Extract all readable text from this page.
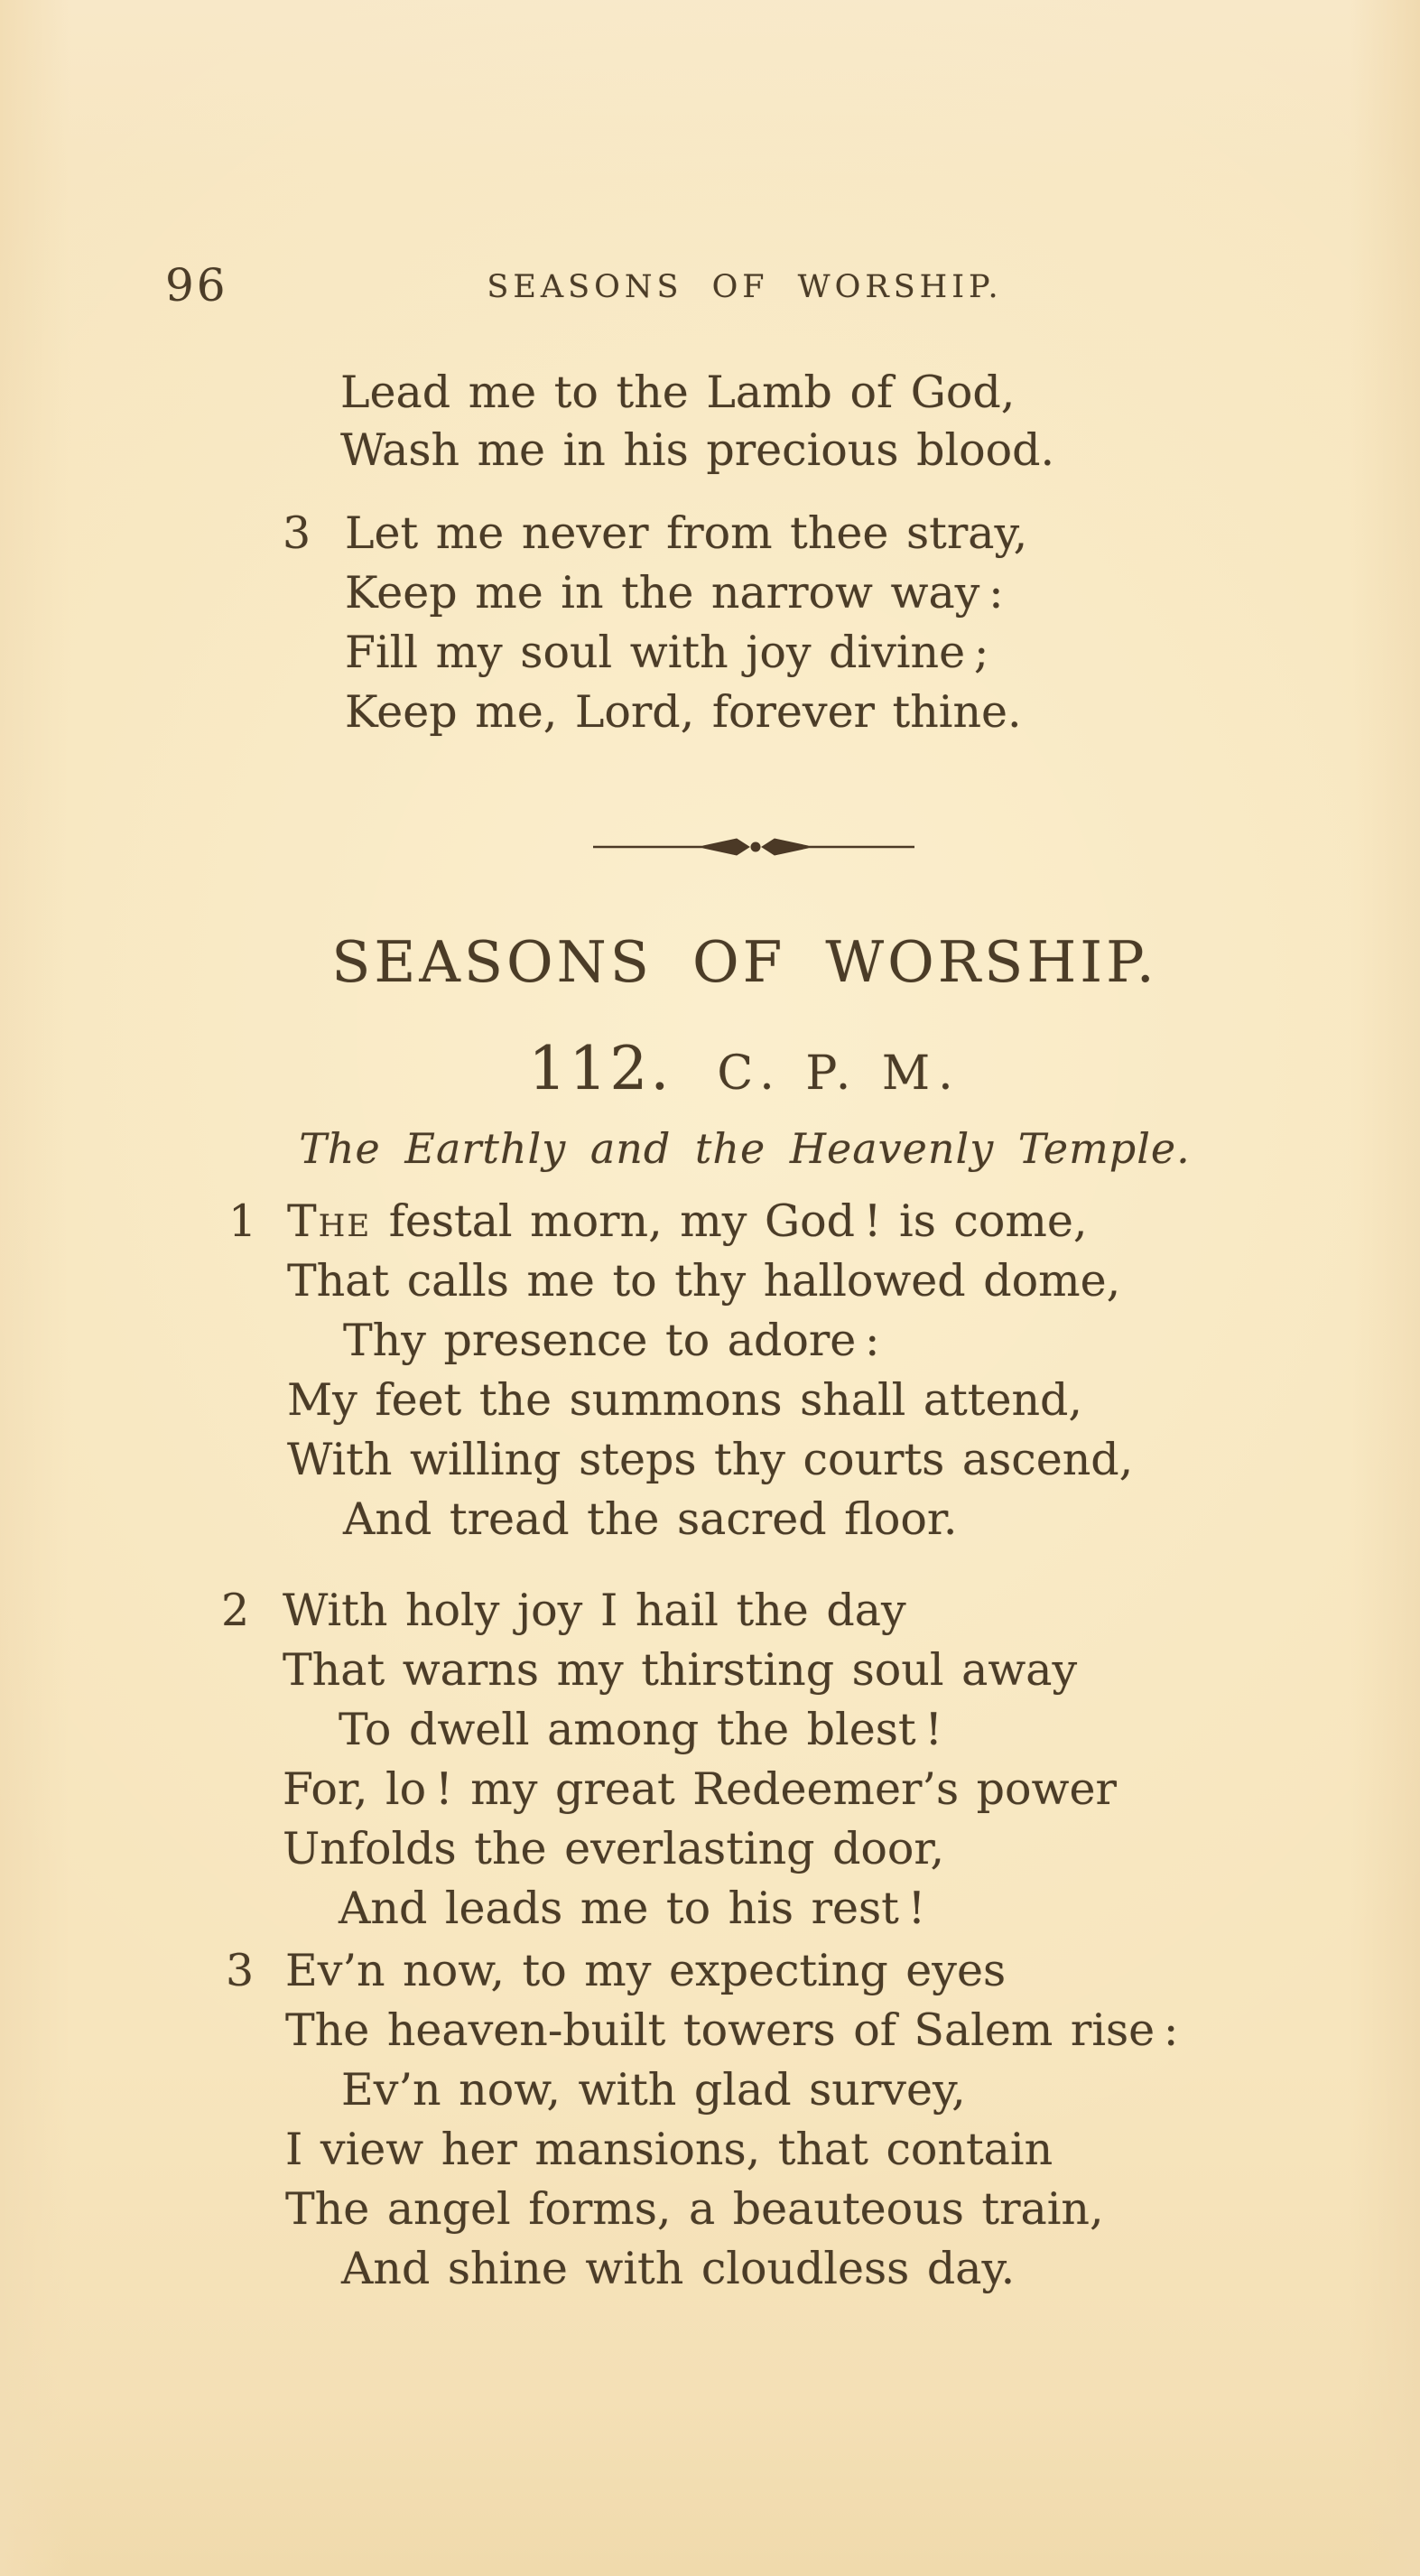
96	SEASONS OF WORSHIP.
Lead me to the Lamb of God,
Wash me in his precious blood.
3 Let me never from thee stray,
Keep me in the narrow way :
Fill my soul with joy divine ;
Keep me, Lord, forever thine.
SEASONS OF WORSHIP.
112. C. P. M.
The Earthly and the Heavenly Temple.
1 The festal morn, my God ! is come,
That calls me to thy hallowed dome,
Thy presence to adore :
My feet the summons shall attend,
With willing steps thy courts ascend,
And tread the sacred floor.
2 With holy joy I hail the day
That warns my thirsting soul away
To dwell among the blest !
For, lo ! my great Redeemer’s power
Unfolds the everlasting door,
And leads me to his rest !
3 Ev’n now, to my expecting eyes
The heaven-built towers of Salem rise :
Ev’n now, with glad survey,
I view her mansions, that contain
The angel forms, a beauteous train,
And shine with cloudless day.
